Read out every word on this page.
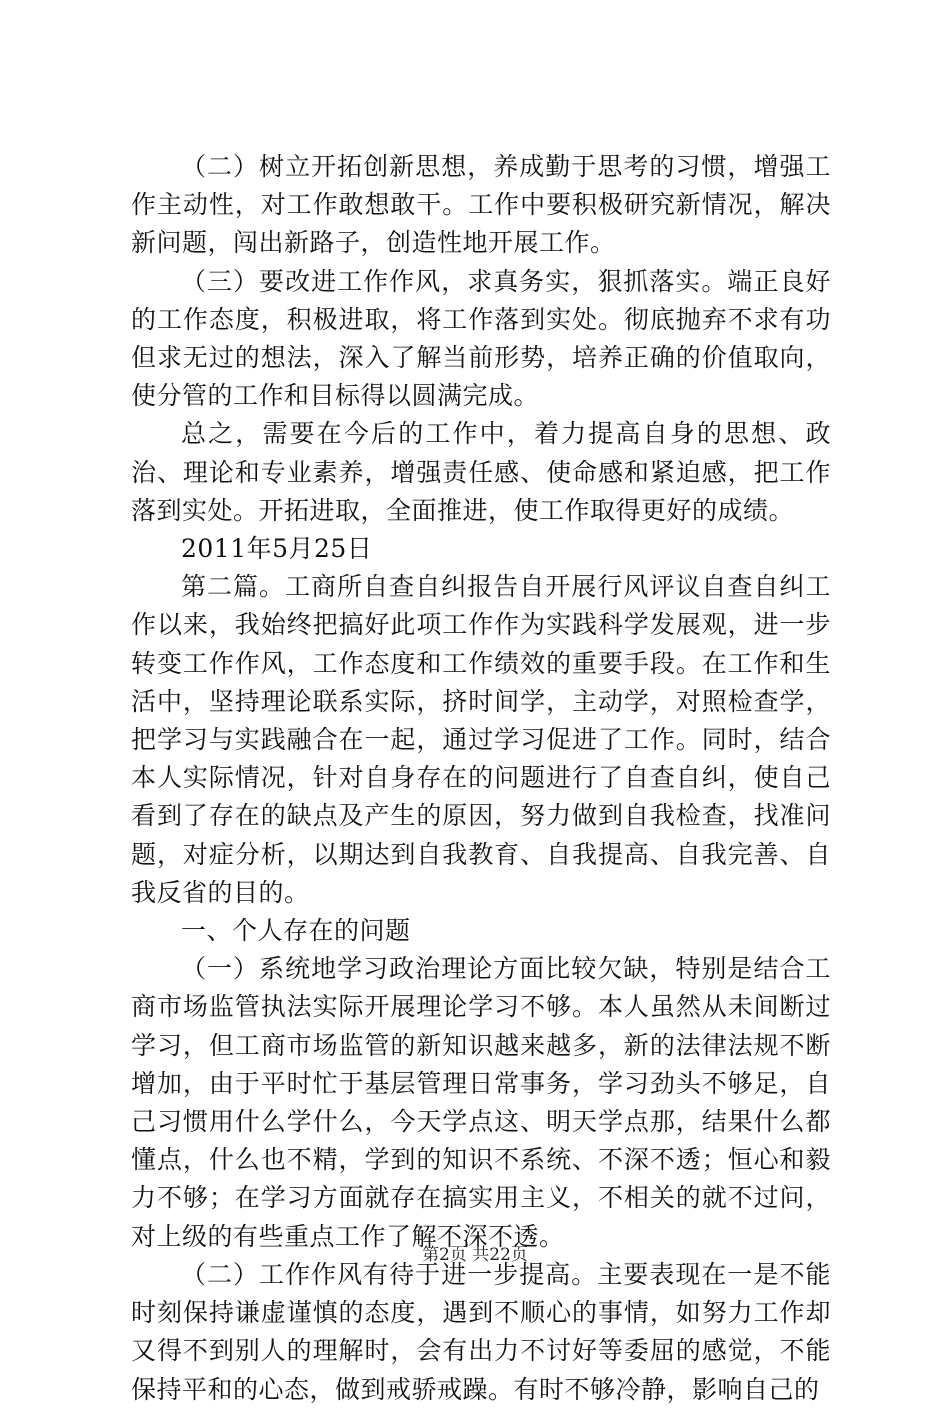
（二）树立开拓创新思想，养成勤于思考的习惯，增强工作主动性，对工作敢想敢干。工作中要积极研究新情况，解决新问题，闯出新路子，创造性地开展工作。

（三）要改进工作作风，求真务实，狠抓落实。端正良好的工作态度，积极进取，将工作落到实处。彻底抛弃不求有功但求无过的想法，深入了解当前形势，培养正确的价值取向，使分管的工作和目标得以圆满完成。

总之，需要在今后的工作中，着力提高自身的思想、政治、理论和专业素养，增强责任感、使命感和紧迫感，把工作落到实处。开拓进取，全面推进，使工作取得更好的成绩。

2011年5月25日

第二篇。工商所自查自纠报告自开展行风评议自查自纠工作以来，我始终把搞好此项工作作为实践科学发展观，进一步转变工作作风，工作态度和工作绩效的重要手段。在工作和生活中，坚持理论联系实际，挤时间学，主动学，对照检查学，把学习与实践融合在一起，通过学习促进了工作。同时，结合本人实际情况，针对自身存在的问题进行了自查自纠，使自己看到了存在的缺点及产生的原因，努力做到自我检查，找准问题，对症分析，以期达到自我教育、自我提高、自我完善、自我反省的目的。

一、个人存在的问题

（一）系统地学习政治理论方面比较欠缺，特别是结合工商市场监管执法实际开展理论学习不够。本人虽然从未间断过学习，但工商市场监管的新知识越来越多，新的法律法规不断增加，由于平时忙于基层管理日常事务，学习劲头不够足，自己习惯用什么学什么，今天学点这、明天学点那，结果什么都懂点，什么也不精，学到的知识不系统、不深不透；恒心和毅力不够；在学习方面就存在搞实用主义，不相关的就不过问，对上级的有些重点工作了解不深不透。

（二）工作作风有待于进一步提高。主要表现在一是不能时刻保持谦虚谨慎的态度，遇到不顺心的事情，如努力工作却又得不到别人的理解时，会有出力不讨好等委屈的感觉，不能保持平和的心态，做到戒骄戒躁。有时不够冷静，影响自己的

第2页 共22页
